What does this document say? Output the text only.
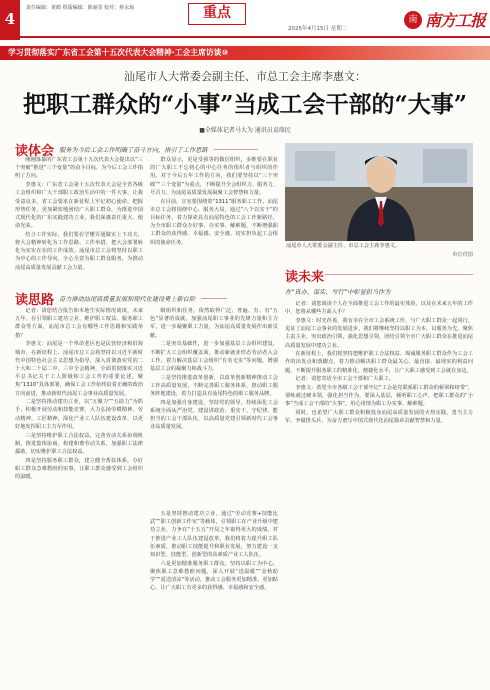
4
责任编辑：黄鹤 组版编辑：陈丽雯 校对：蔡永灿	重点
2025年4月15日 星期二
南 南方工报
学习贯彻落实广东省工会第十五次代表大会精神·工会主席访谈⑩
汕尾市人大常委会副主任、市总工会主席李惠文：
把职工群众的“小事”当成工会干部的“大事”
■全媒体记者马大为 通讯员袁瑞民
读体会 服务为今后工会工作明确了奋斗方向，指引了工作思路

刚刚落幕的广东省工会第十五次代表大会提出以“三个突破”推进“三个变量”的奋斗目标，为今后工会工作指明了方向。

李惠文：广东省工会第十五次代表大会是全省各级工会组织和广大干部职工政治生活中的一件大事，让我受益良多。省工会要求在新征程上牢记初心使命，把握形势任务，更加紧密地团结广大职工群众，为推进中国式现代化的广东实践建功立业，我们深感责任重大、使命光荣。

结合工作实际，我们要在学懂弄通做实上下功夫，将大会精神转化为工作思路、工作举措，把大会部署转化为实实在在的工作成效。汕尾市总工会将坚持以职工为中心的工作导向，全心全意为职工群众服务，为推动汕尾高质量发展贡献工会力量。

群众显示，更是受我等的做信组织，多维要在职业的广大职工不忘初心的中心任务的组织者与组织的作用。对于今后五年工作的方向，我们要坚持以“三个突破”“三个变量”为重点，不断提升全会组织力、服务力、号召力，为汕尾高质量发展凝聚工会智慧和力量。

在目前，宣室要围绕着“1311”服务职工工作，汕尾市总工会将围绕中心、服务大局，通过“八个以实干”的目标任务，着力探索具有汕尾特色的工会工作新路径，为全市职工群众办好事、办实事、解难题，不断增强职工群众的获得感、幸福感、安全感，切实担负起工会组织的使命任务。

汕尾市人大常委会副主任、市总工会主席李惠文。
单位供图
读思路 奋力推动汕尾高质量发展和现代化建设勇上新台阶
读未来
在“真办、谋实、写行”中彰显担当作为

记者：请您结合报告和本地生实际情况谈谈，未来五年，在引领职工建功立业、维护职工权益、服务职工群众等方面，汕尾市总工会有哪些工作思路和实践举措？

李惠文：汕尾是一个革命老区也是民营经济和沿海城市，在新征程上，汕尾市总工会将坚持以习近平新时代中国特色社会主义思想为指导，深入贯彻落实党的二十大和二十届二中、三中全会精神，全面贯彻落实习近平总书记关于工人阶级和工会工作的重要论述，聚焦“1310”具体部署，确保工会工作始终沿着正确的政治方向前进，推动新时代汕尾工会事业高质量发展。

二是坚持推动建功立业，以“五聚力”“五助力”为抓手，积极开展劳动和技能竞赛，大力弘扬劳模精神、劳动精神、工匠精神，深化产业工人队伍建设改革，以更好地发挥职工主力军作用。

三是坚持维护职工合法权益，完善劳动关系协调机制，推进集体协商、构建和谐劳动关系，加强职工法律援助，切实维护职工合法权益。

四是坚持服务职工群众，建立健全帮扶体系，办好职工群众急难愁盼的实事，让职工群众感受到工会组织的温暖。

级组织和任务，依然取得广泛、普遍、有、有“五色”显著的成就，加强汕尾职工事业的先锋力量和主力军，进一步凝聚职工力量，为汕尾高质量发展作出新贡献。

二是突出基础性，进一步加强基层工会组织建设，不断扩大工会组织覆盖面，推动新就业形态劳动者入会工作，着力解决基层工会组织“有名无实”等问题，增强基层工会的凝聚力和战斗力。

三是坚持推进改革创新，以改革创新精神推动工会工作高质量发展，不断完善职工服务体系，推动职工服务阵地建设，着力打造具有汕尾特色的职工服务品牌。

四是加强自身建设，坚持党的领导，持续深化工会系统全面从严治党，建设讲政治、重实干、守纪律、能担当的工会干部队伍，以高质量党建引领新时代工会事业高质量发展。

五是坚持推动建功立业，通过“劳动竞赛+技能比武”“职工创新工作室”等载体，引领职工在产业升级中建功立业，力争在“十五五”开局之年取得更大的成绩。对于推进产业工人队伍建设改革，我们将着力提升职工队伍素质，推动职工技能提升和职业发展，努力建设一支知识型、技能型、创新型的高素质产业工人队伍。

六是更加精准服务职工群众。坚持以职工为中心，聚焦职工急难愁盼问题，深入开展“送温暖”“金秋助学”“夏送清凉”等活动，推动工会服务更加精准、更加贴心，让广大职工有更多的获得感、幸福感和安全感。

记者：请您谈谈个人在全面推进工会工作的最实体验，以及在未来五年的工作中，您将从哪些方面入手？

李惠文：时光荏苒，我有幸在全市工会系统工作，与广大职工群众一起同行，见证了汕尾工会事业的发展进步。我们将继续坚持以职工为本，以服务为先，聚焦主责主业，突出政治引领，强化思想引领，团结引领全市广大职工群众在推进汕尾高质量发展中建功立业。

在新征程上，我们将坚持把维护职工合法权益、竭诚服务职工群众作为工会工作的出发点和落脚点，着力推动解决职工群众最关心、最直接、最现实的利益问题，不断提升服务职工的精准化、便捷化水平，让广大职工感受到工会就在身边。

记者：请您寄语全市工会干部和广大职工。

李惠文：希望全市各级工会干部牢记“工会是党联系职工群众的桥梁和纽带”，要练就过硬本领，强化担当作为，要深入基层，倾听职工心声，把职工群众的“小事”当成工会干部的“大事”，用心用情为职工办实事、解难题。

同时，也希望广大职工群众积极投身汕尾高质量发展的火热实践，勇当主力军，争做排头兵，为奋力谱写中国式现代化汕尾篇章贡献智慧和力量。
